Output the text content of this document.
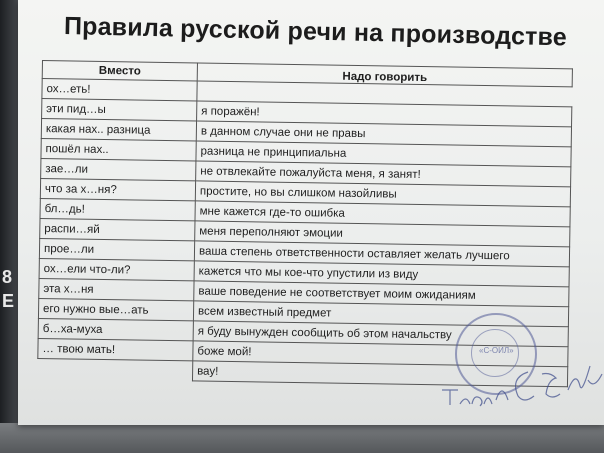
8
E
Правила русской речи на производстве
Вместо	Надо говорить
ох…еть!	
эти пид…ы	я поражён!
какая нах.. разница	в данном случае они не правы
пошёл нах..	разница не принципиальна
зае…ли	не отвлекайте пожалуйста меня, я занят!
что за х…ня?	простите, но вы слишком назойливы
бл…дь!	мне кажется где-то ошибка
распи…яй	меня переполняют эмоции
прое…ли	ваша степень ответственности оставляет желать лучшего
ох…ели что-ли?	кажется что мы кое-что упустили из виду
эта х…ня	ваше поведение не соответствует моим ожиданиям
его нужно вые…ать	всем известный предмет
б…ха-муха	я буду вынужден сообщить об этом начальству
… твою мать!	боже мой!
	вау!
«С-ОИЛ»
